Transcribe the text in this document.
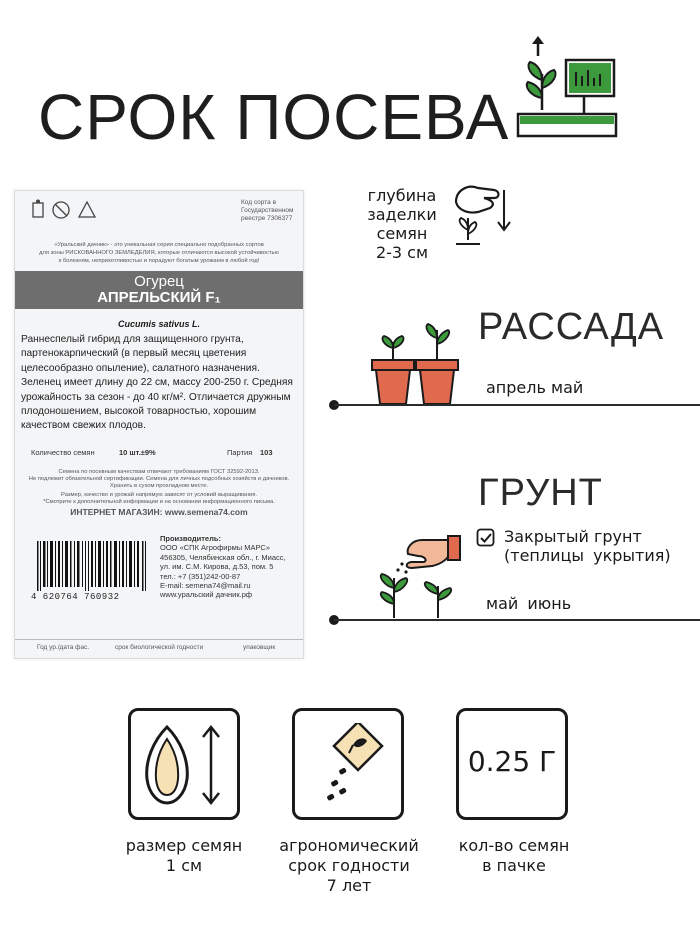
СРОК ПОСЕВА
Код сорта в
Государственном
реестре 7306377
«Уральский дачник» - это уникальная серия специально подобранных сортов
для зоны РИСКОВАННОГО ЗЕМЛЕДЕЛИЯ, которые отличаются высокой устойчивостью
к болезням, неприхотливостью и порадуют богатым урожаем в любой год!
Огурец
АПРЕЛЬСКИЙ F₁
Cucumis sativus L.
Раннеспелый гибрид для защищенного грунта, партенокарпический (в первый месяц цветения целесообразно опыление), салатного назначения. Зеленец имеет длину до 22 см, массу 200-250 г. Средняя урожайность за сезон - до 40 кг/м². Отличается дружным плодоношением, высокой товарностью, хорошим качеством свежих плодов.
Количество семян	10 шт.±9%	Партия 103
Семена по посевным качествам отвечают требованиям ГОСТ 32592-2013.
Не подлежит обязательной сертификации. Семена для личных подсобных хозяйств и дачников.
Хранить в сухом прохладном месте.
Размер, качество и урожай напрямую зависят от условий выращивания.
*Смотрите к дополнительной информации и на основании информационного письма.
ИНТЕРНЕТ МАГАЗИН: www.semena74.com
4 620764 760932
Производитель:
ООО «СПК Агрофирмы МАРС»
456305, Челябинская обл., г. Миасс,
ул. им. С.М. Кирова, д.53, пом. 5
тел.: +7 (351)242-00-87
E-mail: semena74@mail.ru
www.уральский дачник.рф
Год ур./дата фас.	срок биологической годности	упаковщик
глубина
заделки
семян
2-3 см
РАССАДА
апрель май
ГРУНТ
Закрытый грунт
(теплицы укрытия)
май июнь
0.25 Г
размер семян
1 см
агрономический
срок годности
7 лет
кол-во семян
в пачке
